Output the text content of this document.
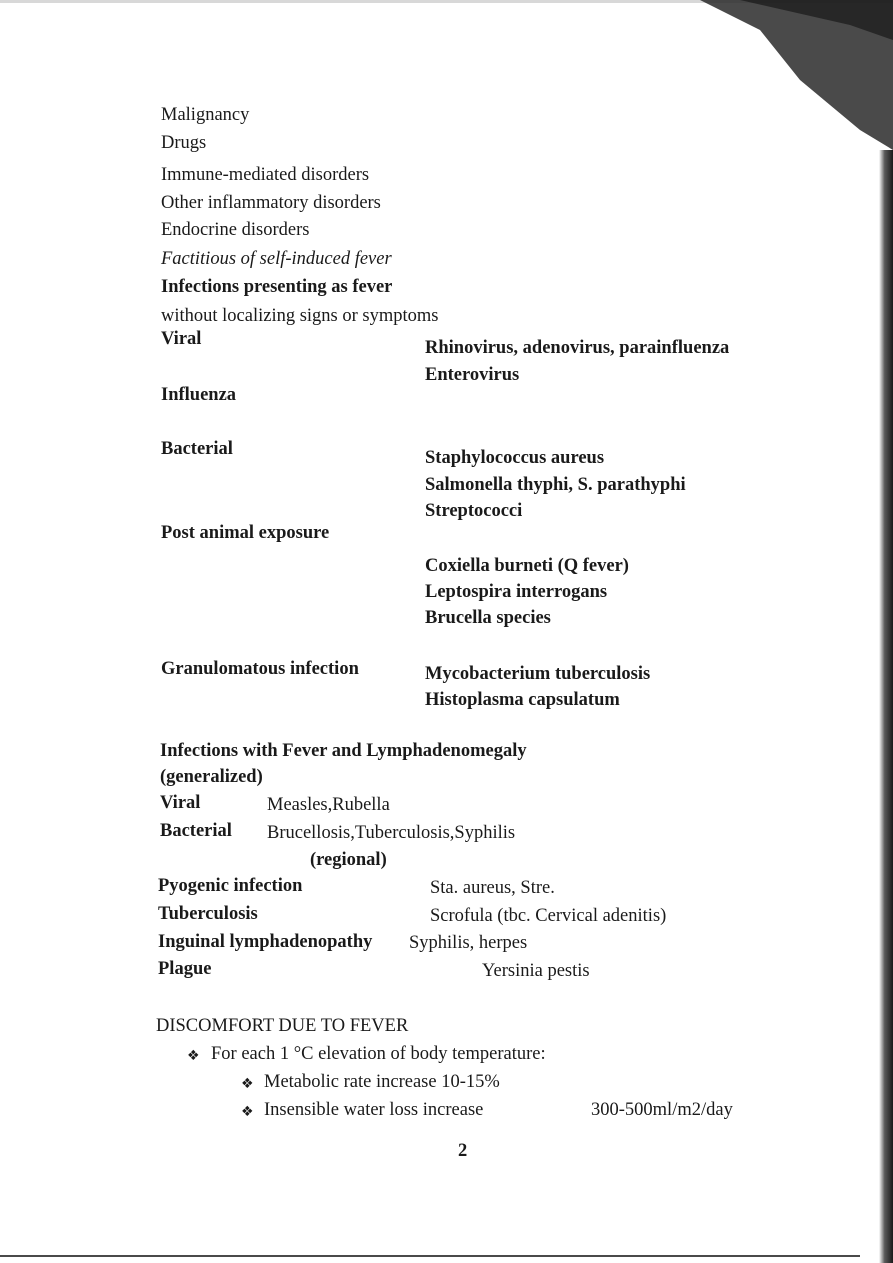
Malignancy
Drugs
Immune-mediated disorders
Other inflammatory disorders
Endocrine disorders
Factitious of self-induced fever
Infections presenting as fever
without localizing signs or symptoms
Viral	Rhinovirus, adenovirus, parainfluenza
Enterovirus
Influenza
Bacterial	Staphylococcus aureus
Salmonella thyphi, S. parathyphi
Streptococci
Post animal exposure
Coxiella burneti (Q fever)
Leptospira interrogans
Brucella species
Granulomatous infection	Mycobacterium tuberculosis
Histoplasma capsulatum
Infections with Fever and Lymphadenomegaly
(generalized)
Viral	Measles,Rubella
Bacterial Brucellosis,Tuberculosis,Syphilis
(regional)
Pyogenic infection	Sta. aureus, Stre.
Tuberculosis	Scrofula (tbc. Cervical adenitis)
Inguinal lymphadenopathy Syphilis, herpes
Plague	Yersinia pestis
DISCOMFORT DUE TO FEVER
❖ For each 1 °C elevation of body temperature:
❖ Metabolic rate increase 10-15%
❖ Insensible water loss increase	300-500ml/m2/day
2
